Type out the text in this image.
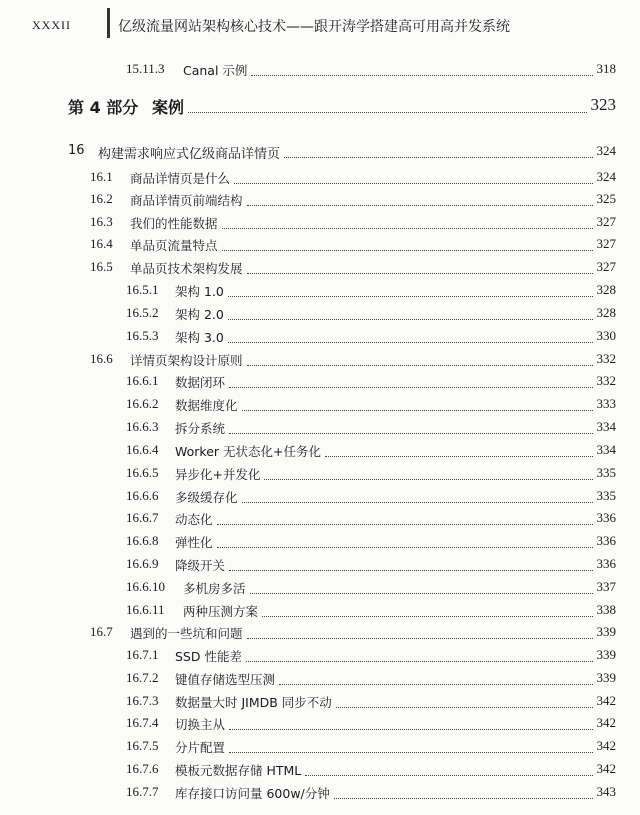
XXXII	亿级流量网站架构核心技术——跟开涛学搭建高可用高并发系统
15.11.3 Canal 示例	318
第 4 部分 案例	323
16 构建需求响应式亿级商品详情页	324
16.1 商品详情页是什么	324
16.2 商品详情页前端结构	325
16.3 我们的性能数据	327
16.4 单品页流量特点	327
16.5 单品页技术架构发展	327
16.5.1 架构 1.0	328
16.5.2 架构 2.0	328
16.5.3 架构 3.0	330
16.6 详情页架构设计原则	332
16.6.1 数据闭环	332
16.6.2 数据维度化	333
16.6.3 拆分系统	334
16.6.4 Worker 无状态化+任务化	334
16.6.5 异步化+并发化	335
16.6.6 多级缓存化	335
16.6.7 动态化	336
16.6.8 弹性化	336
16.6.9 降级开关	336
16.6.10 多机房多活	337
16.6.11 两种压测方案	338
16.7 遇到的一些坑和问题	339
16.7.1 SSD 性能差	339
16.7.2 键值存储选型压测	339
16.7.3 数据量大时 JIMDB 同步不动	342
16.7.4 切换主从	342
16.7.5 分片配置	342
16.7.6 模板元数据存储 HTML	342
16.7.7 库存接口访问量 600w/分钟	343
